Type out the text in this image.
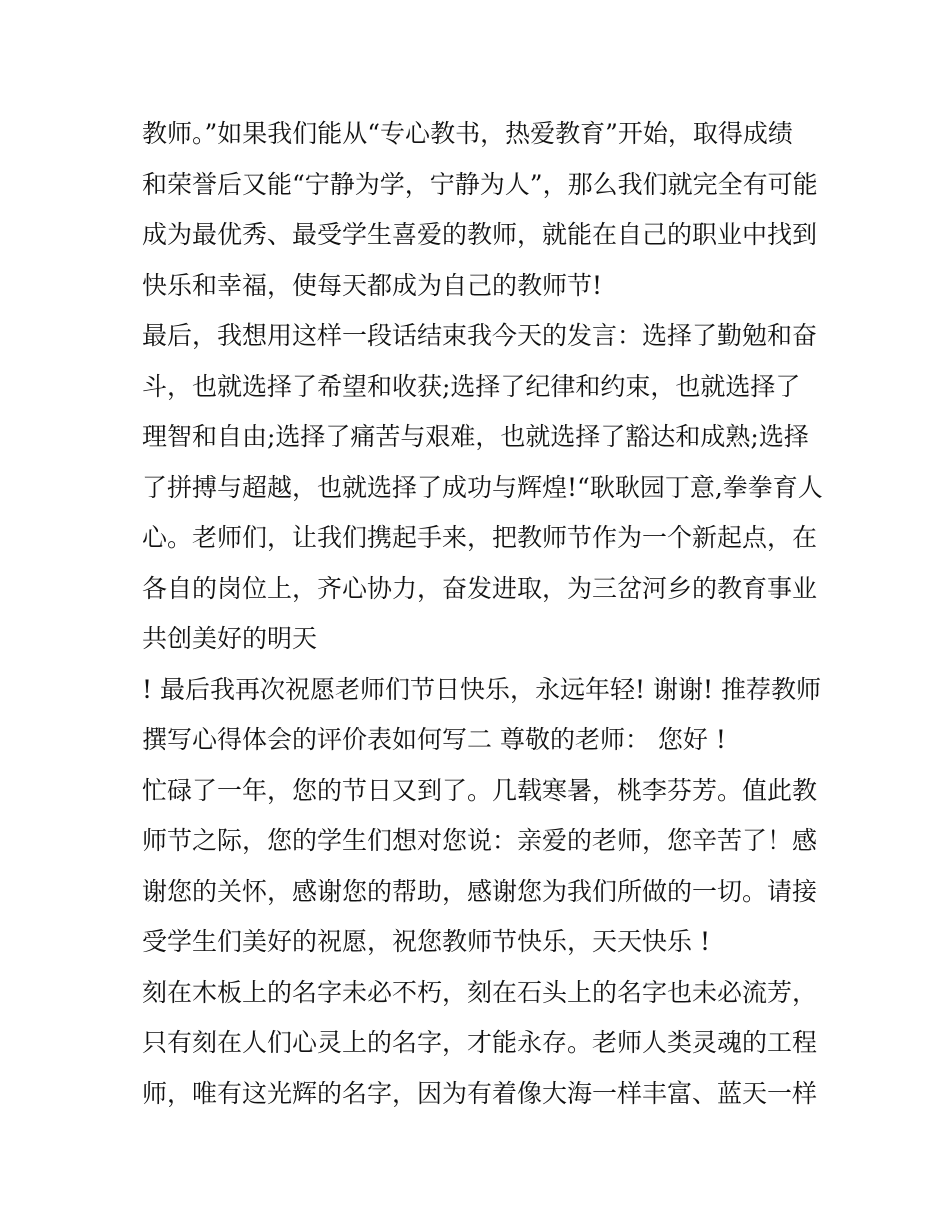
教师。”如果我们能从“专心教书，热爱教育”开始，取得成绩
和荣誉后又能“宁静为学，宁静为人”，那么我们就完全有可能
成为最优秀、最受学生喜爱的教师，就能在自己的职业中找到
快乐和幸福，使每天都成为自己的教师节!
最后，我想用这样一段话结束我今天的发言：选择了勤勉和奋
斗，也就选择了希望和收获;选择了纪律和约束，也就选择了
理智和自由;选择了痛苦与艰难，也就选择了豁达和成熟;选择
了拼搏与超越，也就选择了成功与辉煌!“耿耿园丁意,拳拳育人
心。老师们，让我们携起手来，把教师节作为一个新起点，在
各自的岗位上，齐心协力，奋发进取，为三岔河乡的教育事业
共创美好的明天
! 最后我再次祝愿老师们节日快乐，永远年轻! 谢谢! 推荐教师
撰写心得体会的评价表如何写二 尊敬的老师： 您好 !
忙碌了一年，您的节日又到了。几载寒暑，桃李芬芳。值此教
师节之际，您的学生们想对您说：亲爱的老师，您辛苦了！感
谢您的关怀，感谢您的帮助，感谢您为我们所做的一切。请接
受学生们美好的祝愿，祝您教师节快乐，天天快乐 !
刻在木板上的名字未必不朽，刻在石头上的名字也未必流芳，
只有刻在人们心灵上的名字，才能永存。老师人类灵魂的工程
师，唯有这光辉的名字，因为有着像大海一样丰富、蓝天一样
